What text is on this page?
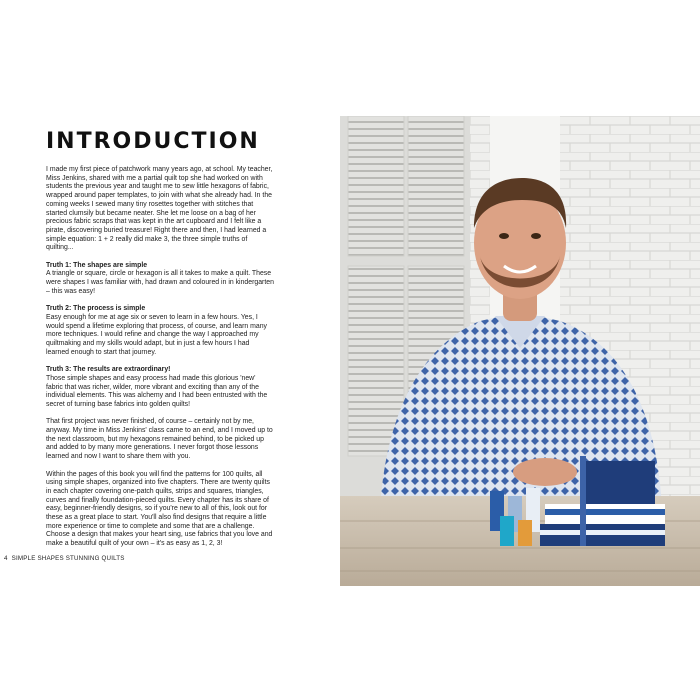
INTRODUCTION

I made my first piece of patchwork many years ago, at school. My teacher, Miss Jenkins, shared with me a partial quilt top she had worked on with students the previous year and taught me to sew little hexagons of fabric, wrapped around paper templates, to join with what she already had. In the coming weeks I sewed many tiny rosettes together with stitches that started clumsily but became neater. She let me loose on a bag of her precious fabric scraps that was kept in the art cupboard and I felt like a pirate, discovering buried treasure! Right there and then, I had learned a simple equation: 1 + 2 really did make 3, the three simple truths of quilting...

Truth 1: The shapes are simple
A triangle or square, circle or hexagon is all it takes to make a quilt. These were shapes I was familiar with, had drawn and coloured in in kindergarten – this was easy!

Truth 2: The process is simple
Easy enough for me at age six or seven to learn in a few hours. Yes, I would spend a lifetime exploring that process, of course, and learn many more techniques. I would refine and change the way I approached my quiltmaking and my skills would adapt, but in just a few hours I had learned enough to start that journey.

Truth 3: The results are extraordinary!
Those simple shapes and easy process had made this glorious 'new' fabric that was richer, wilder, more vibrant and exciting than any of the individual elements. This was alchemy and I had been entrusted with the secret of turning base fabrics into golden quilts!

That first project was never finished, of course – certainly not by me, anyway. My time in Miss Jenkins' class came to an end, and I moved up to the next classroom, but my hexagons remained behind, to be picked up and added to by many more generations. I never forgot those lessons learned and now I want to share them with you.

Within the pages of this book you will find the patterns for 100 quilts, all using simple shapes, organized into five chapters. There are twenty quilts in each chapter covering one-patch quilts, strips and squares, triangles, curves and finally foundation-pieced quilts. Every chapter has its share of easy, beginner-friendly designs, so if you're new to all of this, look out for these as a great place to start. You'll also find designs that require a little more experience or time to complete and some that are a challenge. Choose a design that makes your heart sing, use fabrics that you love and make a beautiful quilt of your own – it's as easy as 1, 2, 3!

4 SIMPLE SHAPES STUNNING QUILTS
